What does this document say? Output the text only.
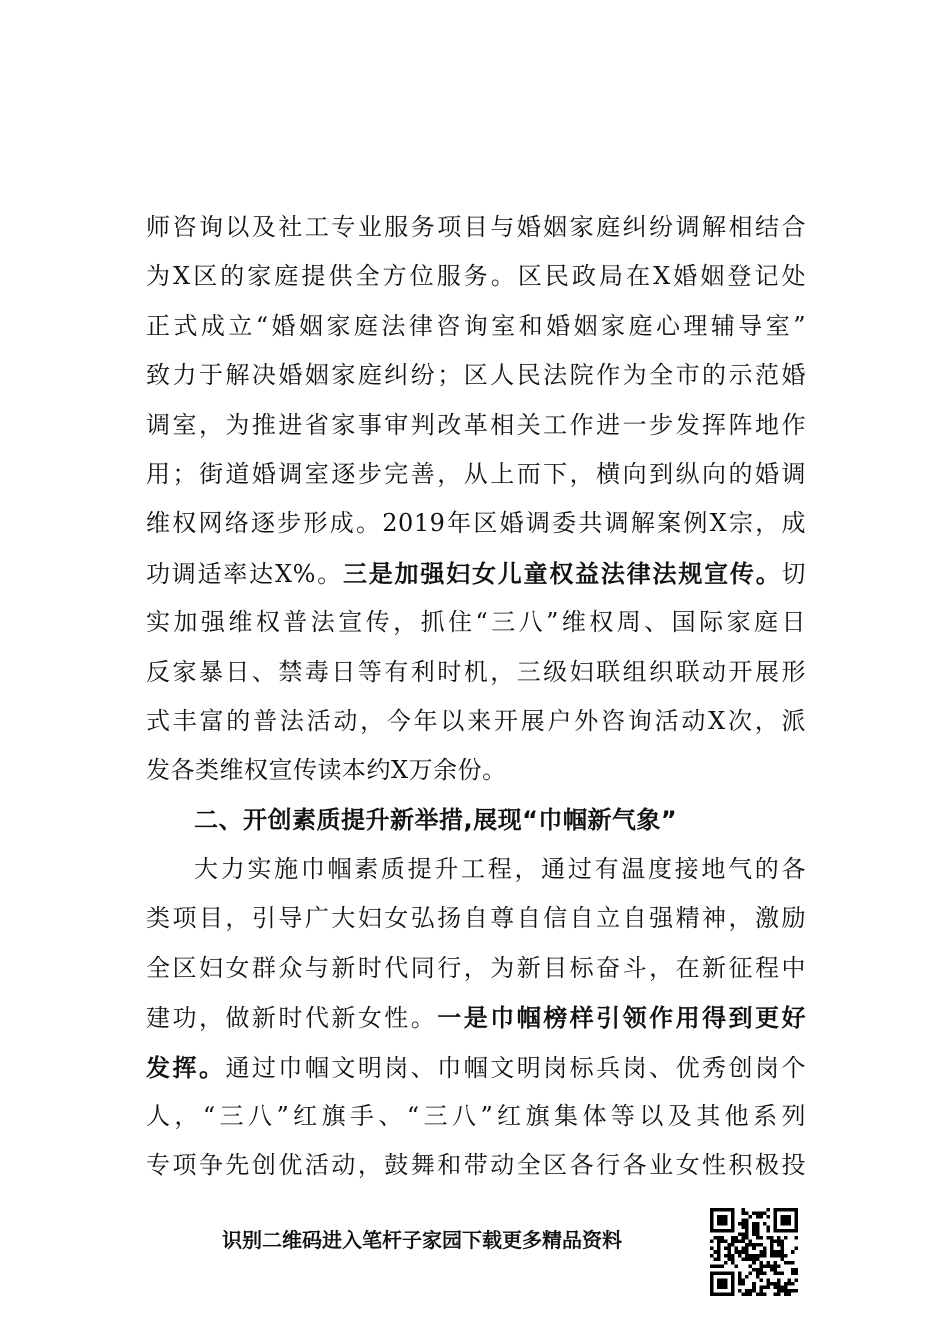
师咨询以及社工专业服务项目与婚姻家庭纠纷调解相结合
为X区的家庭提供全方位服务。区民政局在X婚姻登记处
正式成立“婚姻家庭法律咨询室和婚姻家庭心理辅导室”
致力于解决婚姻家庭纠纷；区人民法院作为全市的示范婚
调室，为推进省家事审判改革相关工作进一步发挥阵地作
用；街道婚调室逐步完善，从上而下，横向到纵向的婚调
维权网络逐步形成。2019年区婚调委共调解案例X宗，成
功调适率达X%。三是加强妇女儿童权益法律法规宣传。切
实加强维权普法宣传，抓住“三八”维权周、国际家庭日
反家暴日、禁毒日等有利时机，三级妇联组织联动开展形
式丰富的普法活动，今年以来开展户外咨询活动X次，派
发各类维权宣传读本约X万余份。
二、开创素质提升新举措,展现“巾帼新气象”
大力实施巾帼素质提升工程，通过有温度接地气的各
类项目，引导广大妇女弘扬自尊自信自立自强精神，激励
全区妇女群众与新时代同行，为新目标奋斗，在新征程中
建功，做新时代新女性。一是巾帼榜样引领作用得到更好
发挥。通过巾帼文明岗、巾帼文明岗标兵岗、优秀创岗个
人，“三八”红旗手、“三八”红旗集体等以及其他系列
专项争先创优活动，鼓舞和带动全区各行各业女性积极投
识别二维码进入笔杆子家园下载更多精品资料
